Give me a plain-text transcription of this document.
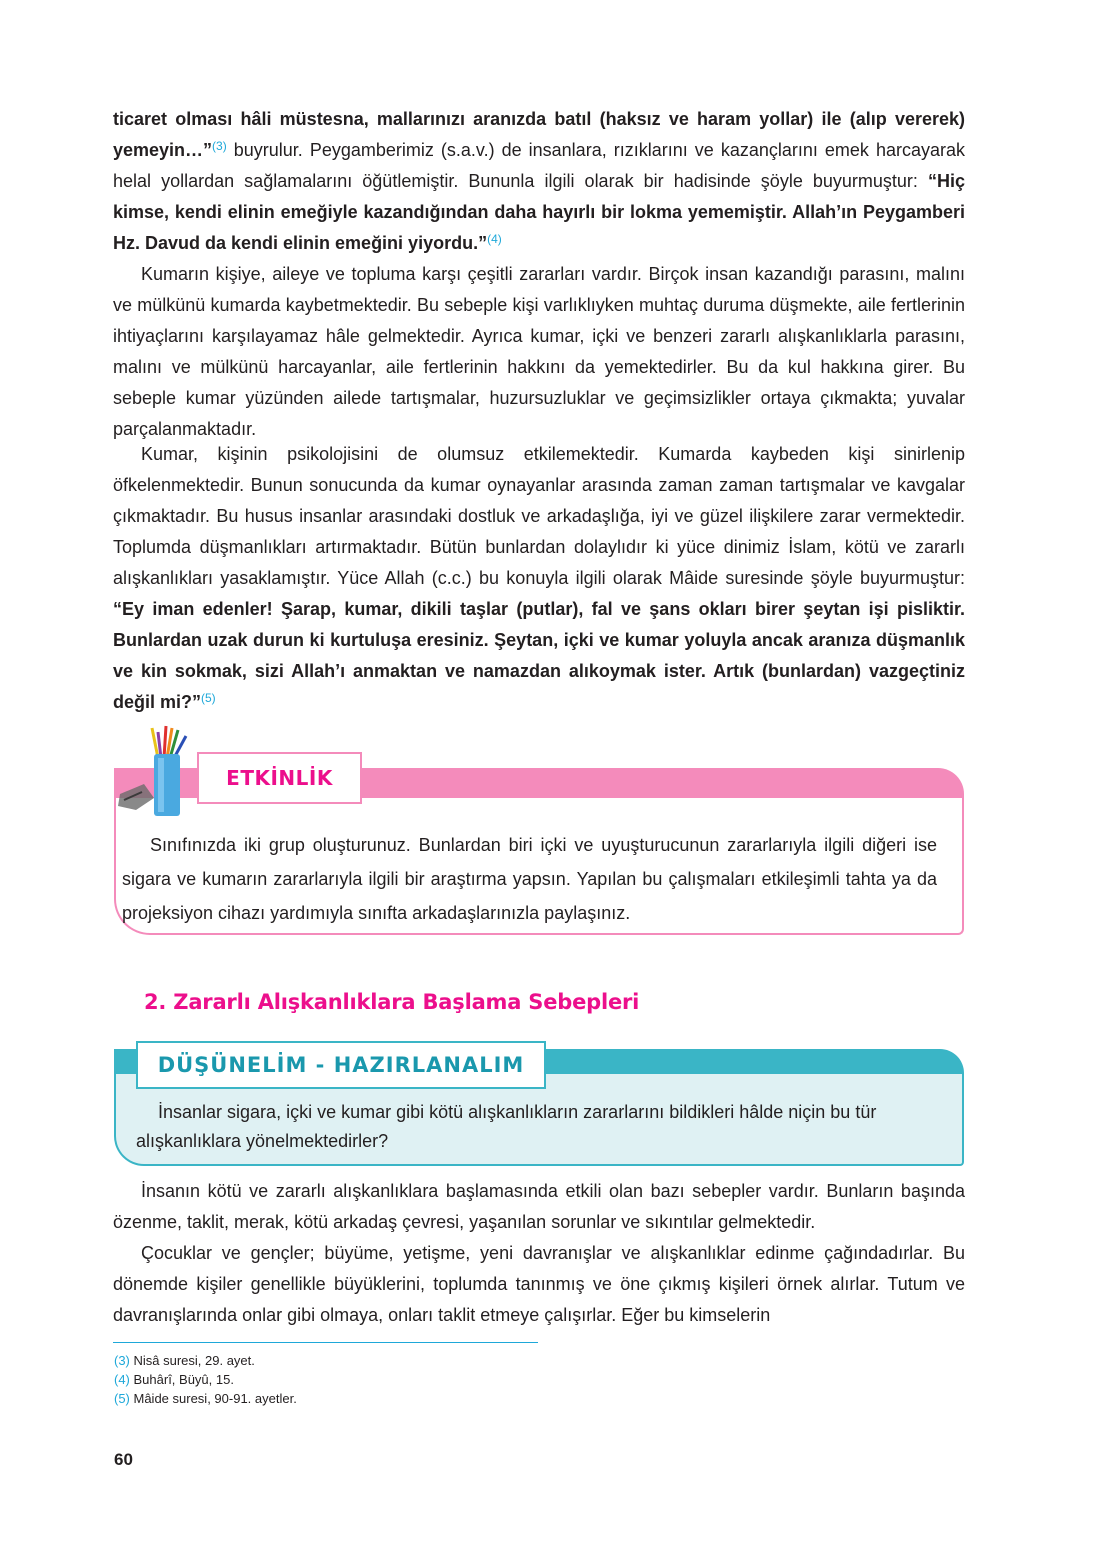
ticaret olması hâli müstesna, mallarınızı aranızda batıl (haksız ve haram yollar) ile (alıp vererek) yemeyin…”$^{(3)}$ buyrulur. Peygamberimiz (s.a.v.) de insanlara, rızıklarını ve kazançlarını emek harcayarak helal yollardan sağlamalarını öğütlemiştir. Bununla ilgili olarak bir hadisinde şöyle buyurmuştur: “Hiç kimse, kendi elinin emeğiyle kazandığından daha hayırlı bir lokma yememiştir. Allah’ın Peygamberi Hz. Davud da kendi elinin emeğini yiyordu.”$^{(4)}$

Kumarın kişiye, aileye ve topluma karşı çeşitli zararları vardır. Birçok insan kazandığı parasını, malını ve mülkünü kumarda kaybetmektedir. Bu sebeple kişi varlıklıyken muhtaç duruma düşmekte, aile fertlerinin ihtiyaçlarını karşılayamaz hâle gelmektedir. Ayrıca kumar, içki ve benzeri zararlı alışkanlıklarla parasını, malını ve mülkünü harcayanlar, aile fertlerinin hakkını da yemektedirler. Bu da kul hakkına girer. Bu sebeple kumar yüzünden ailede tartışmalar, huzursuzluklar ve geçimsizlikler ortaya çıkmakta; yuvalar parçalanmaktadır.

Kumar, kişinin psikolojisini de olumsuz etkilemektedir. Kumarda kaybeden kişi sinirlenip öfkelenmektedir. Bunun sonucunda da kumar oynayanlar arasında zaman zaman tartışmalar ve kavgalar çıkmaktadır. Bu husus insanlar arasındaki dostluk ve arkadaşlığa, iyi ve güzel ilişkilere zarar vermektedir. Toplumda düşmanlıkları artırmaktadır. Bütün bunlardan dolaylıdır ki yüce dinimiz İslam, kötü ve zararlı alışkanlıkları yasaklamıştır. Yüce Allah (c.c.) bu konuyla ilgili olarak Mâide suresinde şöyle buyurmuştur: “Ey iman edenler! Şarap, kumar, dikili taşlar (putlar), fal ve şans okları birer şeytan işi pisliktir. Bunlardan uzak durun ki kurtuluşa eresiniz. Şeytan, içki ve kumar yoluyla ancak aranıza düşmanlık ve kin sokmak, sizi Allah’ı anmaktan ve namazdan alıkoymak ister. Artık (bunlardan) vazgeçtiniz değil mi?”$^{(5)}$

ETKİNLİK

Sınıfınızda iki grup oluşturunuz. Bunlardan biri içki ve uyuşturucunun zararlarıyla ilgili diğeri ise sigara ve kumarın zararlarıyla ilgili bir araştırma yapsın. Yapılan bu çalışmaları etkileşimli tahta ya da projeksiyon cihazı yardımıyla sınıfta arkadaşlarınızla paylaşınız.

2. Zararlı Alışkanlıklara Başlama Sebepleri
DÜŞÜNELİM - HAZIRLANALIM

İnsanlar sigara, içki ve kumar gibi kötü alışkanlıkların zararlarını bildikleri hâlde niçin bu tür alışkanlıklara yönelmektedirler?

İnsanın kötü ve zararlı alışkanlıklara başlamasında etkili olan bazı sebepler vardır. Bunların başında özenme, taklit, merak, kötü arkadaş çevresi, yaşanılan sorunlar ve sıkıntılar gelmektedir.

Çocuklar ve gençler; büyüme, yetişme, yeni davranışlar ve alışkanlıklar edinme çağındadırlar. Bu dönemde kişiler genellikle büyüklerini, toplumda tanınmış ve öne çıkmış kişileri örnek alırlar. Tutum ve davranışlarında onlar gibi olmaya, onları taklit etmeye çalışırlar. Eğer bu kimselerin

(3) Nisâ suresi, 29. ayet.
(4) Buhârî, Büyû, 15.
(5) Mâide suresi, 90-91. ayetler.
60
